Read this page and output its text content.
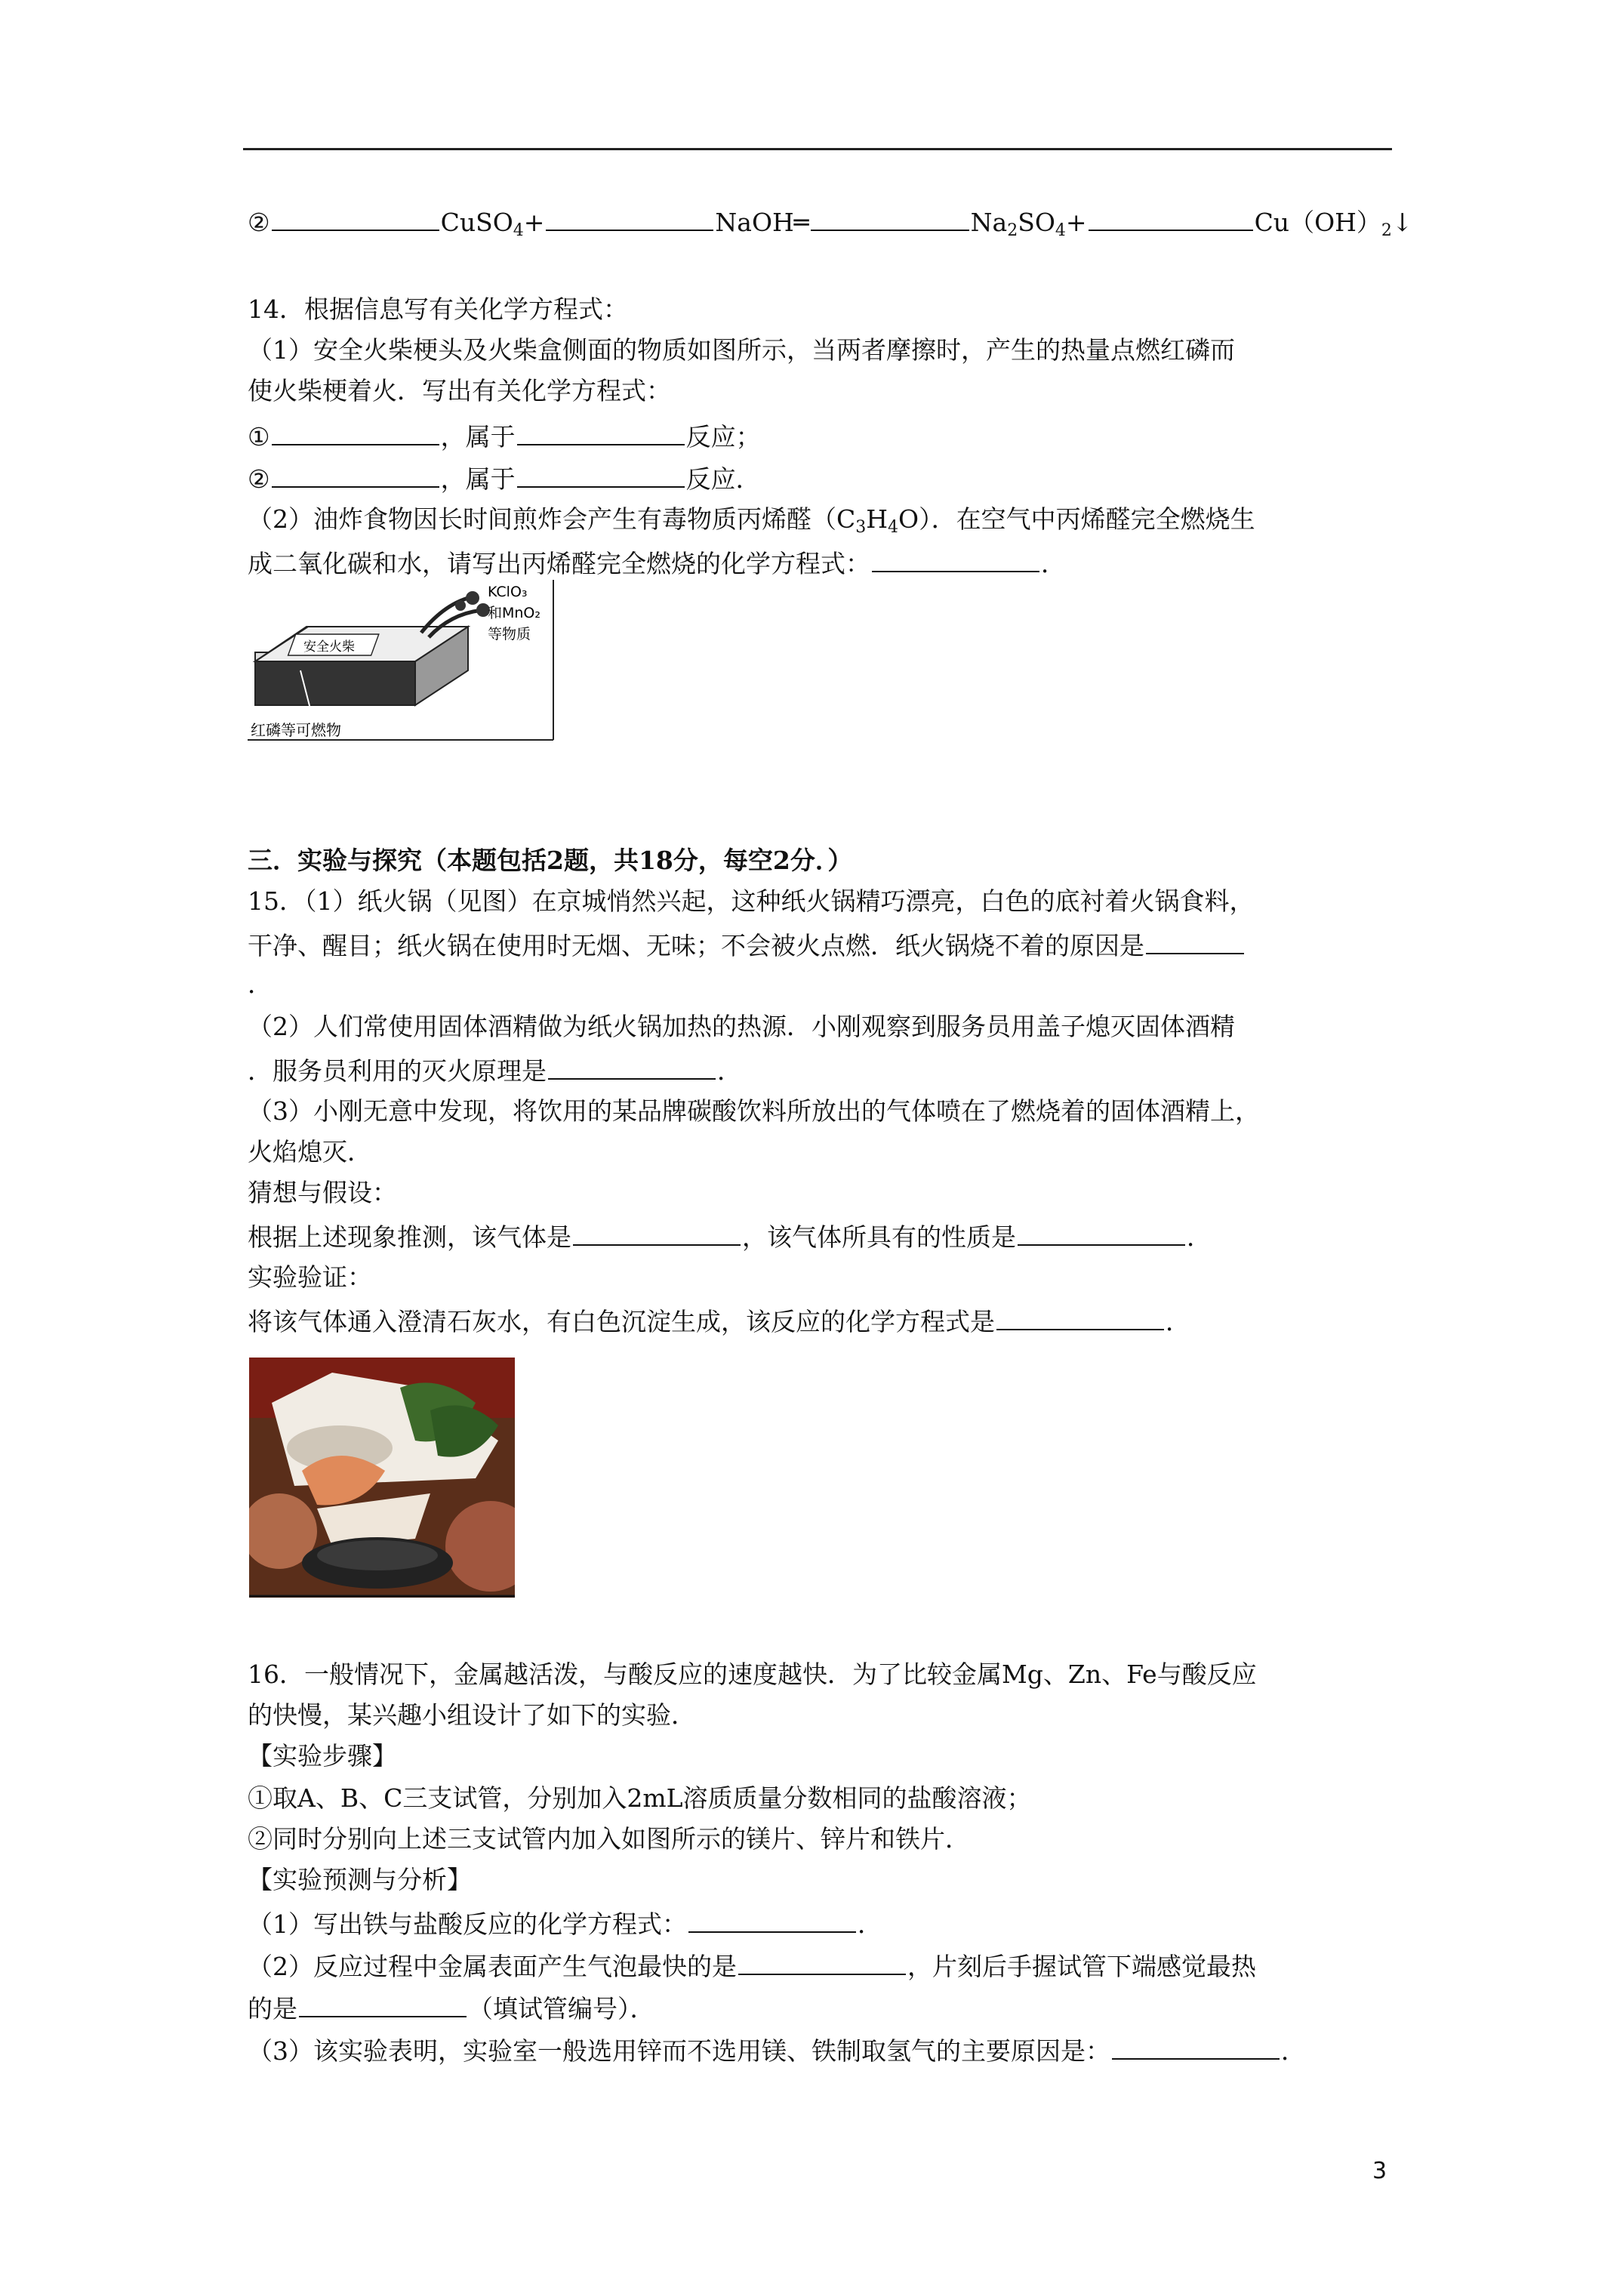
②	CuSO$_4$+	NaOH═	$Na_2SO_4+$	$Cu(OH)_2↓$
14．根据信息写有关化学方程式：
（1）安全火柴梗头及火柴盒侧面的物质如图所示，当两者摩擦时，产生的热量点燃红磷而
使火柴梗着火．写出有关化学方程式：
①	，属于	反应；
②	，属于	反应．
（2）油炸食物因长时间煎炸会产生有毒物质丙烯醛$(C_3H_4O)$．在空气中丙烯醛完全燃烧生
成二氧化碳和水，请写出丙烯醛完全燃烧的化学方程式：	．
安全火柴
KClO₃
和MnO₂
等物质
红磷等可燃物
三．实验与探究（本题包括2题，共18分，每空2分．）
15．（1）纸火锅（见图）在京城悄然兴起，这种纸火锅精巧漂亮，白色的底衬着火锅食料，
干净、醒目；纸火锅在使用时无烟、无味；不会被火点燃．纸火锅烧不着的原因是
．
（2）人们常使用固体酒精做为纸火锅加热的热源．小刚观察到服务员用盖子熄灭固体酒精
．服务员利用的灭火原理是	．
（3）小刚无意中发现，将饮用的某品牌碳酸饮料所放出的气体喷在了燃烧着的固体酒精上，
火焰熄灭．
猜想与假设：
根据上述现象推测，该气体是	，该气体所具有的性质是	．
实验验证：
将该气体通入澄清石灰水，有白色沉淀生成，该反应的化学方程式是	．
16．一般情况下，金属越活泼，与酸反应的速度越快．为了比较金属Mg、Zn、Fe与酸反应
的快慢，某兴趣小组设计了如下的实验．
【实验步骤】
①取A、B、C三支试管，分别加入2mL溶质质量分数相同的盐酸溶液；
②同时分别向上述三支试管内加入如图所示的镁片、锌片和铁片．
【实验预测与分析】
（1）写出铁与盐酸反应的化学方程式：	．
（2）反应过程中金属表面产生气泡最快的是	，片刻后手握试管下端感觉最热
的是	（填试管编号）．
（3）该实验表明，实验室一般选用锌而不选用镁、铁制取氢气的主要原因是：	．
3
